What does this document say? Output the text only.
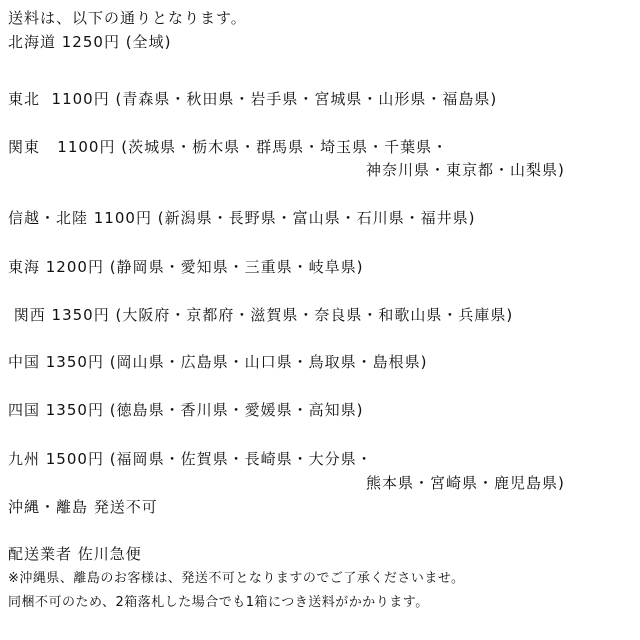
送料は、以下の通りとなります。
北海道 1250円 (全域)
東北  1100円 (青森県・秋田県・岩手県・宮城県・山形県・福島県)
関東   1100円 (茨城県・栃木県・群馬県・埼玉県・千葉県・
神奈川県・東京都・山梨県)
信越・北陸 1100円 (新潟県・長野県・富山県・石川県・福井県)
東海 1200円 (静岡県・愛知県・三重県・岐阜県)
関西 1350円 (大阪府・京都府・滋賀県・奈良県・和歌山県・兵庫県)
中国 1350円 (岡山県・広島県・山口県・鳥取県・島根県)
四国 1350円 (徳島県・香川県・愛媛県・高知県)
九州 1500円 (福岡県・佐賀県・長崎県・大分県・
熊本県・宮崎県・鹿児島県)
沖縄・離島 発送不可
配送業者 佐川急便
※沖縄県、離島のお客様は、発送不可となりますのでご了承くださいませ。
同梱不可のため、2箱落札した場合でも1箱につき送料がかかります。
